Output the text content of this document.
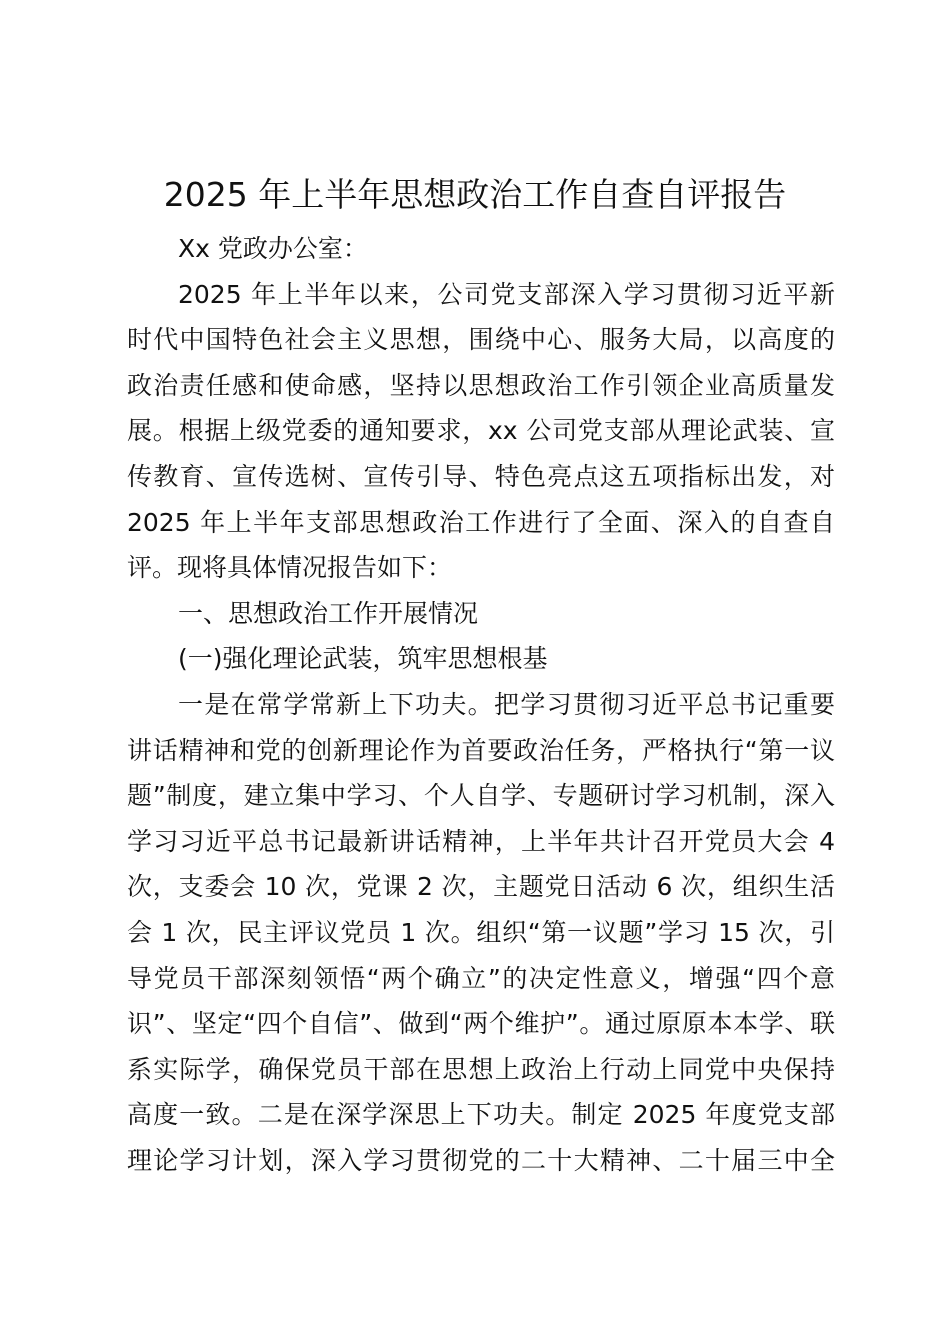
2025 年上半年思想政治工作自查自评报告
Xx 党政办公室：
2025 年上半年以来，公司党支部深入学习贯彻习近平新
时代中国特色社会主义思想，围绕中心、服务大局，以高度的
政治责任感和使命感，坚持以思想政治工作引领企业高质量发
展。根据上级党委的通知要求，xx 公司党支部从理论武装、宣
传教育、宣传选树、宣传引导、特色亮点这五项指标出发，对
2025 年上半年支部思想政治工作进行了全面、深入的自查自
评。现将具体情况报告如下：
一、思想政治工作开展情况
(一)强化理论武装，筑牢思想根基
一是在常学常新上下功夫。把学习贯彻习近平总书记重要
讲话精神和党的创新理论作为首要政治任务，严格执行“第一议
题”制度，建立集中学习、个人自学、专题研讨学习机制，深入
学习习近平总书记最新讲话精神，上半年共计召开党员大会 4
次，支委会 10 次，党课 2 次，主题党日活动 6 次，组织生活
会 1 次，民主评议党员 1 次。组织“第一议题”学习 15 次，引
导党员干部深刻领悟“两个确立”的决定性意义，增强“四个意
识”、坚定“四个自信”、做到“两个维护”。通过原原本本学、联
系实际学，确保党员干部在思想上政治上行动上同党中央保持
高度一致。二是在深学深思上下功夫。制定 2025 年度党支部
理论学习计划，深入学习贯彻党的二十大精神、二十届三中全
